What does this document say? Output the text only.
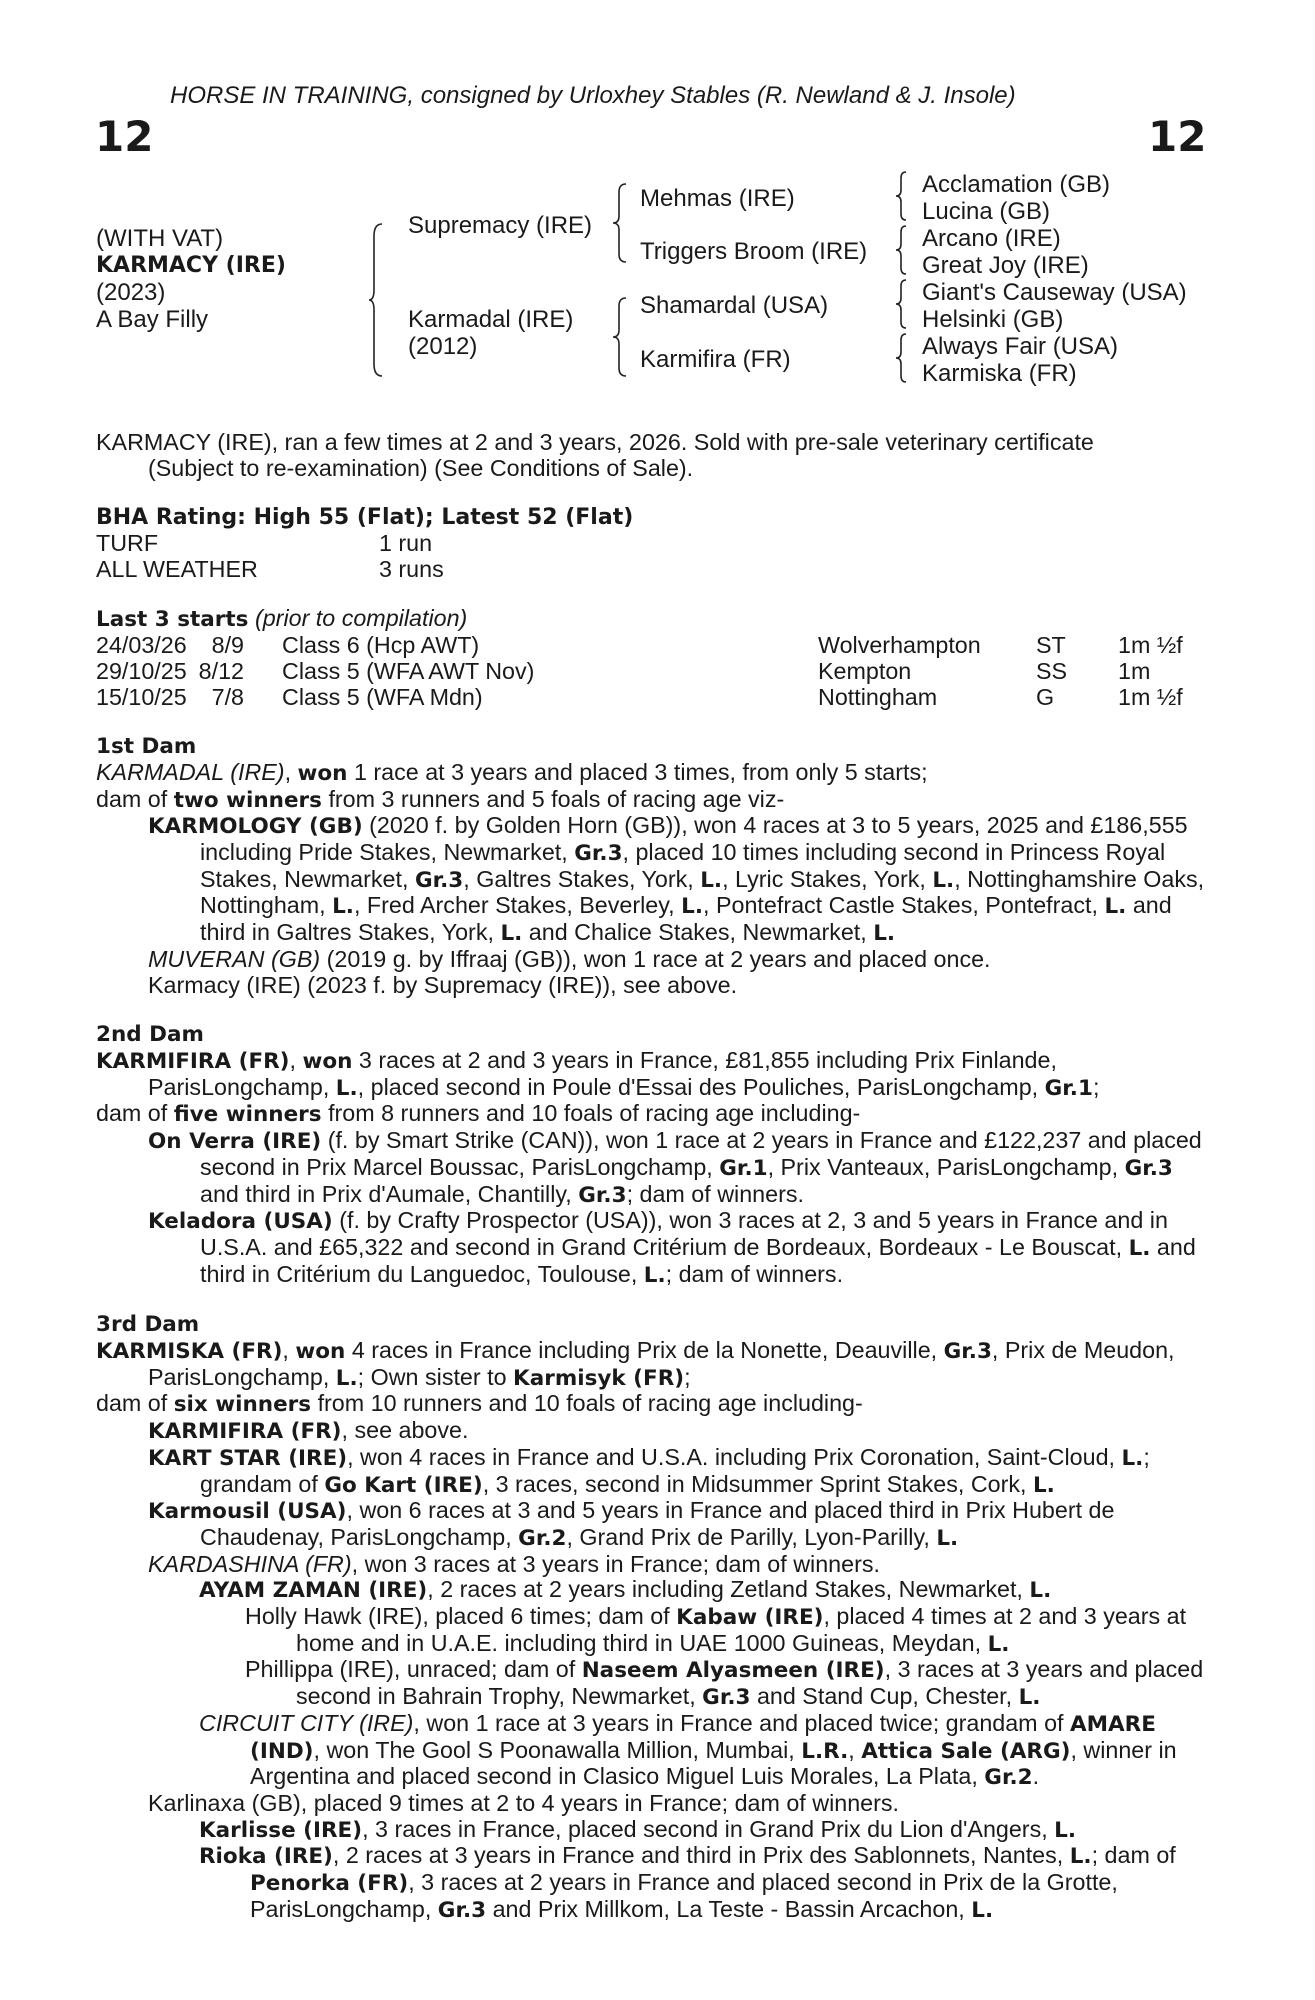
HORSE IN TRAINING, consigned by Urloxhey Stables (R. Newland & J. Insole)
12	12
(WITH VAT)
KARMACY (IRE)
(2023)
A Bay Filly
Supremacy (IRE)
Karmadal (IRE)
(2012)
Mehmas (IRE)
Triggers Broom (IRE)
Shamardal (USA)
Karmifira (FR)
Acclamation (GB)
Lucina (GB)
Arcano (IRE)
Great Joy (IRE)
Giant's Causeway (USA)
Helsinki (GB)
Always Fair (USA)
Karmiska (FR)

KARMACY (IRE), ran a few times at 2 and 3 years, 2026. Sold with pre-sale veterinary certificate
(Subject to re-examination) (See Conditions of Sale).

BHA Rating: High 55 (Flat); Latest 52 (Flat)

TURF	1 run
ALL WEATHER	3 runs

Last 3 starts (prior to compilation)

24/03/26	8/9 Class 6 (Hcp AWT)	Wolverhampton ST 1m ½f
29/10/25 8/12 Class 5 (WFA AWT Nov)	Kempton	SS 1m
15/10/25	7/8 Class 5 (WFA Mdn)	Nottingham	G	1m ½f

1st Dam

KARMADAL (IRE), won 1 race at 3 years and placed 3 times, from only 5 starts;

dam of two winners from 3 runners and 5 foals of racing age viz-

KARMOLOGY (GB) (2020 f. by Golden Horn (GB)), won 4 races at 3 to 5 years, 2025 and £186,555 including Pride Stakes, Newmarket, Gr.3, placed 10 times including second in Princess Royal Stakes, Newmarket, Gr.3, Galtres Stakes, York, L., Lyric Stakes, York, L., Nottinghamshire Oaks, Nottingham, L., Fred Archer Stakes, Beverley, L., Pontefract Castle Stakes, Pontefract, L. and third in Galtres Stakes, York, L. and Chalice Stakes, Newmarket, L.

MUVERAN (GB) (2019 g. by Iffraaj (GB)), won 1 race at 2 years and placed once.

Karmacy (IRE) (2023 f. by Supremacy (IRE)), see above.

2nd Dam

KARMIFIRA (FR), won 3 races at 2 and 3 years in France, £81,855 including Prix Finlande, ParisLongchamp, L., placed second in Poule d'Essai des Pouliches, ParisLongchamp, Gr.1;

dam of five winners from 8 runners and 10 foals of racing age including-

On Verra (IRE) (f. by Smart Strike (CAN)), won 1 race at 2 years in France and £122,237 and placed second in Prix Marcel Boussac, ParisLongchamp, Gr.1, Prix Vanteaux, ParisLongchamp, Gr.3 and third in Prix d'Aumale, Chantilly, Gr.3; dam of winners.

Keladora (USA) (f. by Crafty Prospector (USA)), won 3 races at 2, 3 and 5 years in France and in U.S.A. and £65,322 and second in Grand Critérium de Bordeaux, Bordeaux - Le Bouscat, L. and third in Critérium du Languedoc, Toulouse, L.; dam of winners.

3rd Dam

KARMISKA (FR), won 4 races in France including Prix de la Nonette, Deauville, Gr.3, Prix de Meudon, ParisLongchamp, L.; Own sister to Karmisyk (FR);

dam of six winners from 10 runners and 10 foals of racing age including-

KARMIFIRA (FR), see above.

KART STAR (IRE), won 4 races in France and U.S.A. including Prix Coronation, Saint-Cloud, L.; grandam of Go Kart (IRE), 3 races, second in Midsummer Sprint Stakes, Cork, L.

Karmousil (USA), won 6 races at 3 and 5 years in France and placed third in Prix Hubert de Chaudenay, ParisLongchamp, Gr.2, Grand Prix de Parilly, Lyon-Parilly, L.

KARDASHINA (FR), won 3 races at 3 years in France; dam of winners.

AYAM ZAMAN (IRE), 2 races at 2 years including Zetland Stakes, Newmarket, L.

Holly Hawk (IRE), placed 6 times; dam of Kabaw (IRE), placed 4 times at 2 and 3 years at home and in U.A.E. including third in UAE 1000 Guineas, Meydan, L.

Phillippa (IRE), unraced; dam of Naseem Alyasmeen (IRE), 3 races at 3 years and placed second in Bahrain Trophy, Newmarket, Gr.3 and Stand Cup, Chester, L.

CIRCUIT CITY (IRE), won 1 race at 3 years in France and placed twice; grandam of AMARE (IND), won The Gool S Poonawalla Million, Mumbai, L.R., Attica Sale (ARG), winner in Argentina and placed second in Clasico Miguel Luis Morales, La Plata, Gr.2.

Karlinaxa (GB), placed 9 times at 2 to 4 years in France; dam of winners.

Karlisse (IRE), 3 races in France, placed second in Grand Prix du Lion d'Angers, L.

Rioka (IRE), 2 races at 3 years in France and third in Prix des Sablonnets, Nantes, L.; dam of Penorka (FR), 3 races at 2 years in France and placed second in Prix de la Grotte, ParisLongchamp, Gr.3 and Prix Millkom, La Teste - Bassin Arcachon, L.
